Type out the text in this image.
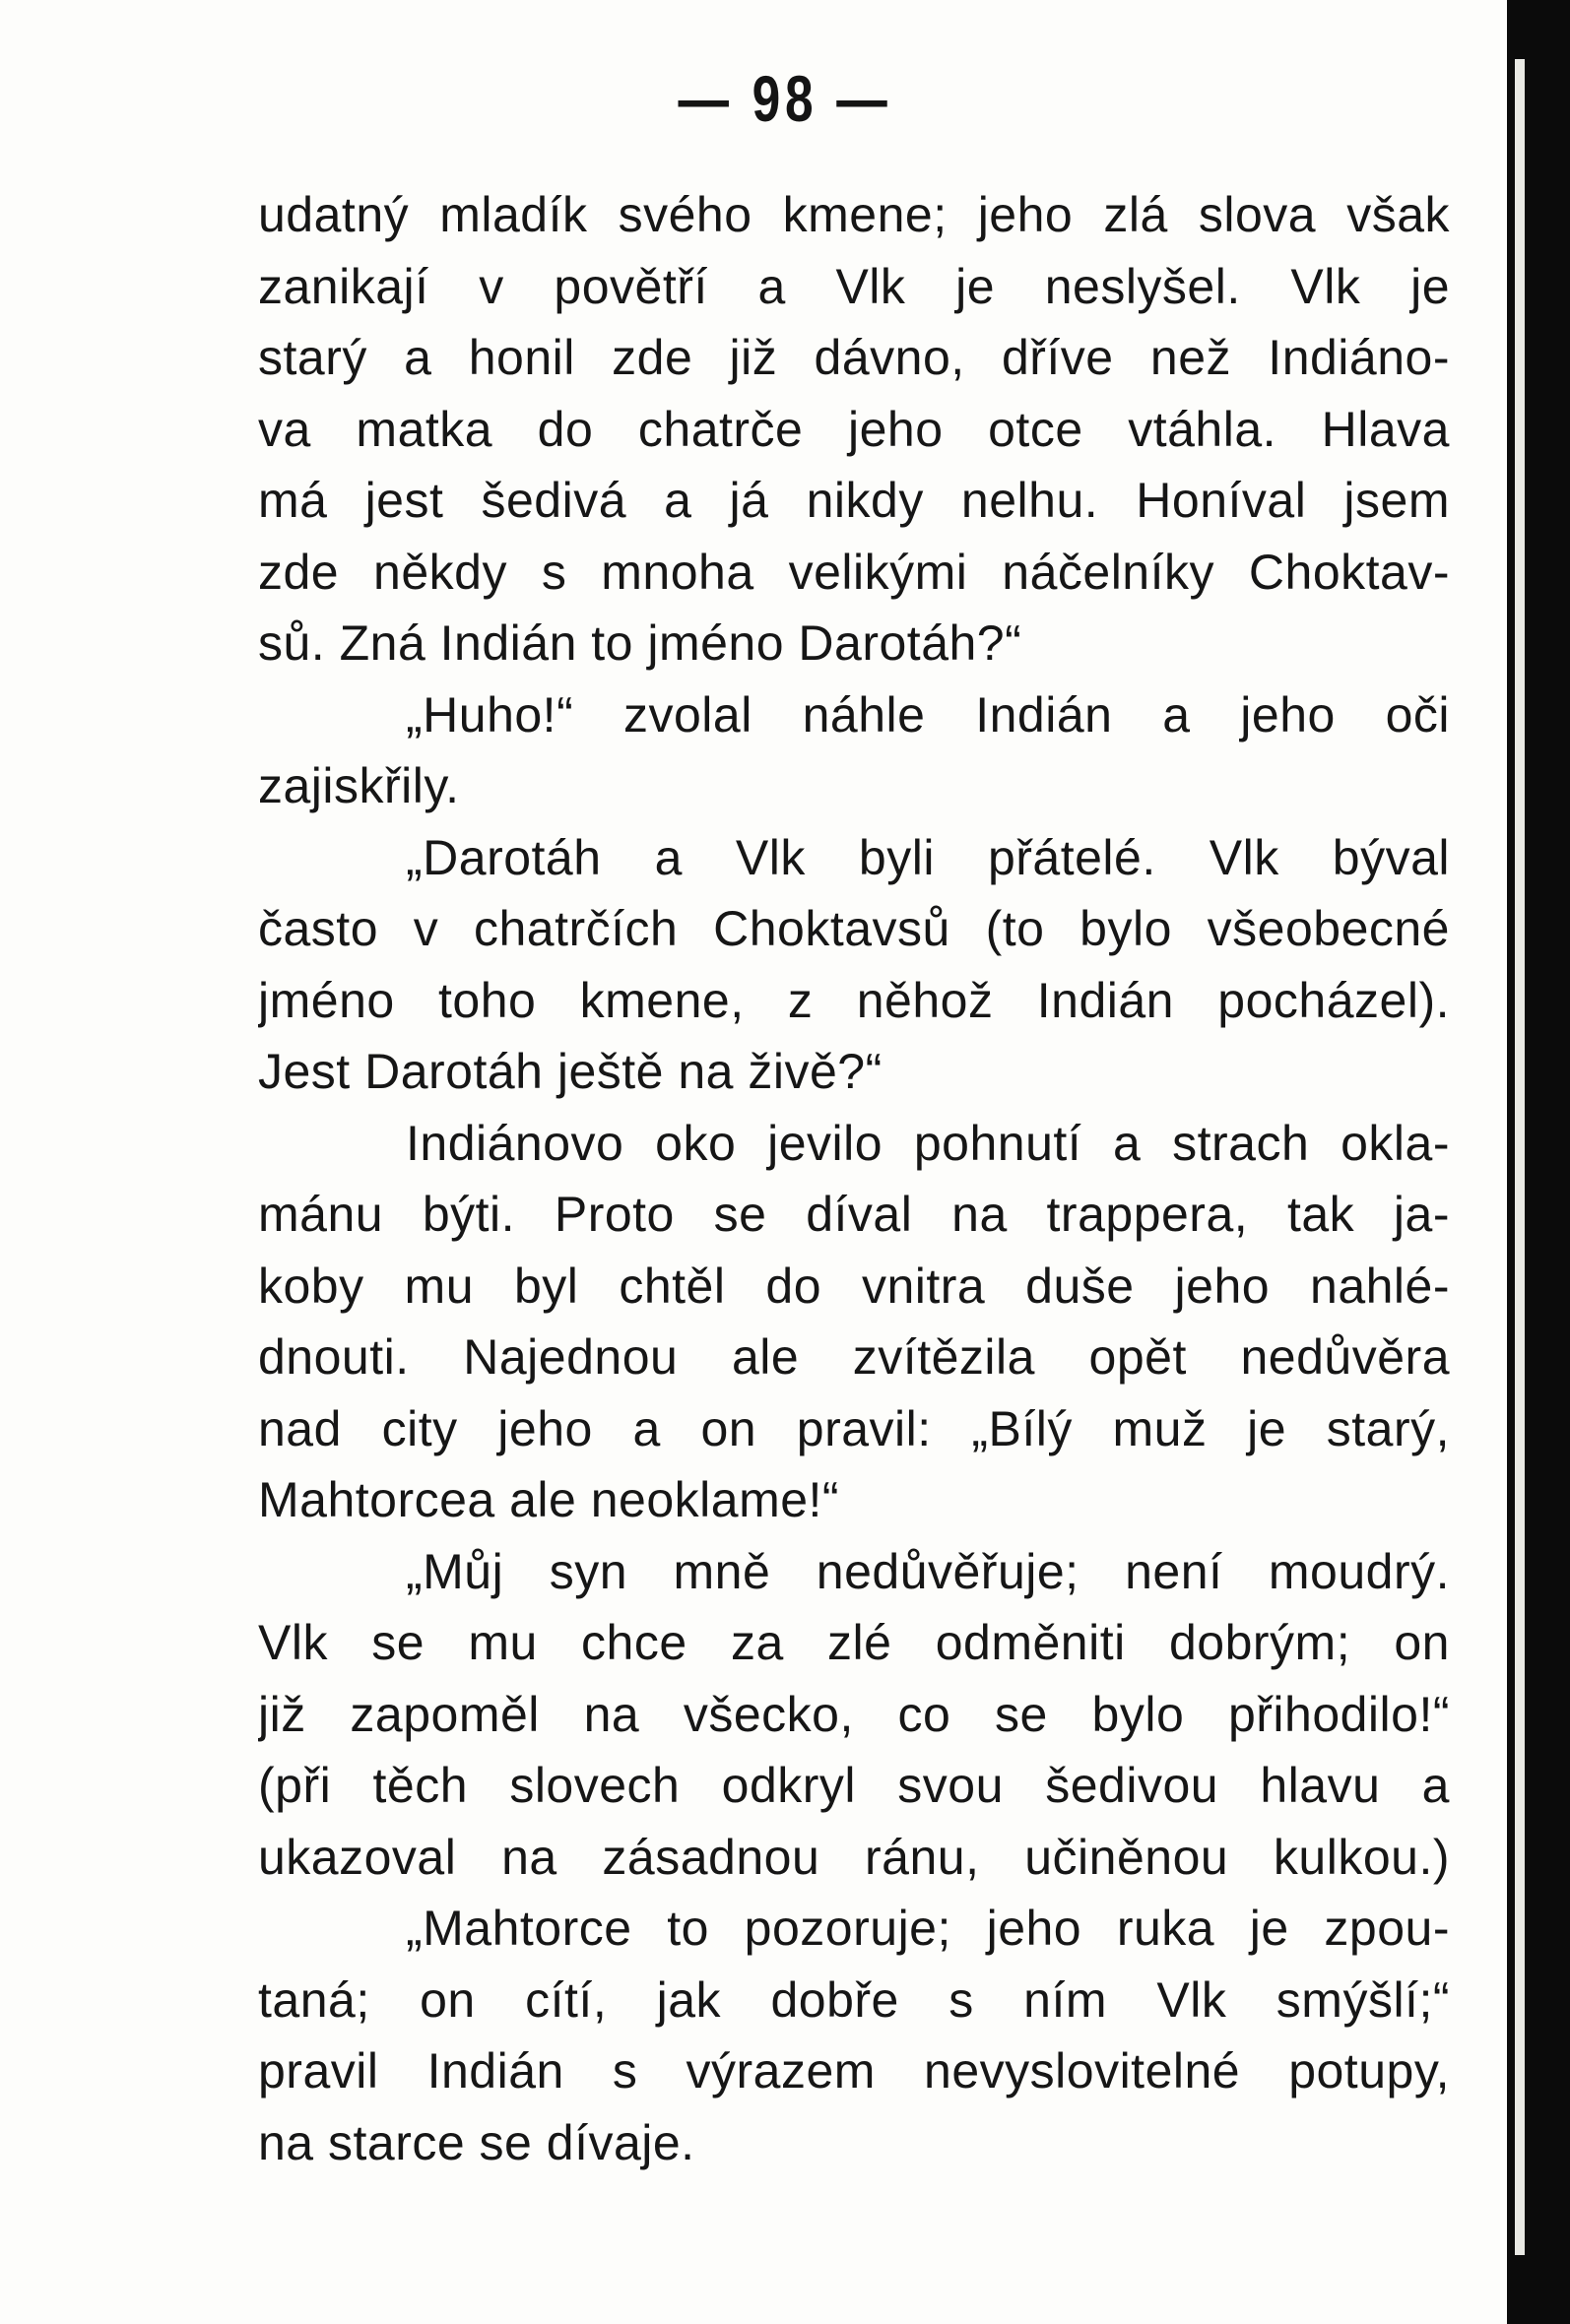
— 98 —
udatný mladík svého kmene; jeho zlá slova však
zanikají v povětří a Vlk je neslyšel. Vlk je
starý a honil zde již dávno, dříve než Indiáno-
va matka do chatrče jeho otce vtáhla. Hlava
má jest šedivá a já nikdy nelhu. Honíval jsem
zde někdy s mnoha velikými náčelníky Choktav-
sů. Zná Indián to jméno Darotáh?“
„Huho!“ zvolal náhle Indián a jeho oči
zajiskřily.
„Darotáh a Vlk byli přátelé. Vlk býval
často v chatrčích Choktavsů (to bylo všeobecné
jméno toho kmene, z něhož Indián pocházel).
Jest Darotáh ještě na živě?“
Indiánovo oko jevilo pohnutí a strach okla-
mánu býti. Proto se díval na trappera, tak ja-
koby mu byl chtěl do vnitra duše jeho nahlé-
dnouti. Najednou ale zvítězila opět nedůvěra
nad city jeho a on pravil: „Bílý muž je starý,
Mahtorcea ale neoklame!“
„Můj syn mně nedůvěřuje; není moudrý.
Vlk se mu chce za zlé odměniti dobrým; on
již zapoměl na všecko, co se bylo přihodilo!“
(při těch slovech odkryl svou šedivou hlavu a
ukazoval na zásadnou ránu, učiněnou kulkou.)
„Mahtorce to pozoruje; jeho ruka je zpou-
taná; on cítí, jak dobře s ním Vlk smýšlí;“
pravil Indián s výrazem nevyslovitelné potupy,
na starce se dívaje.
